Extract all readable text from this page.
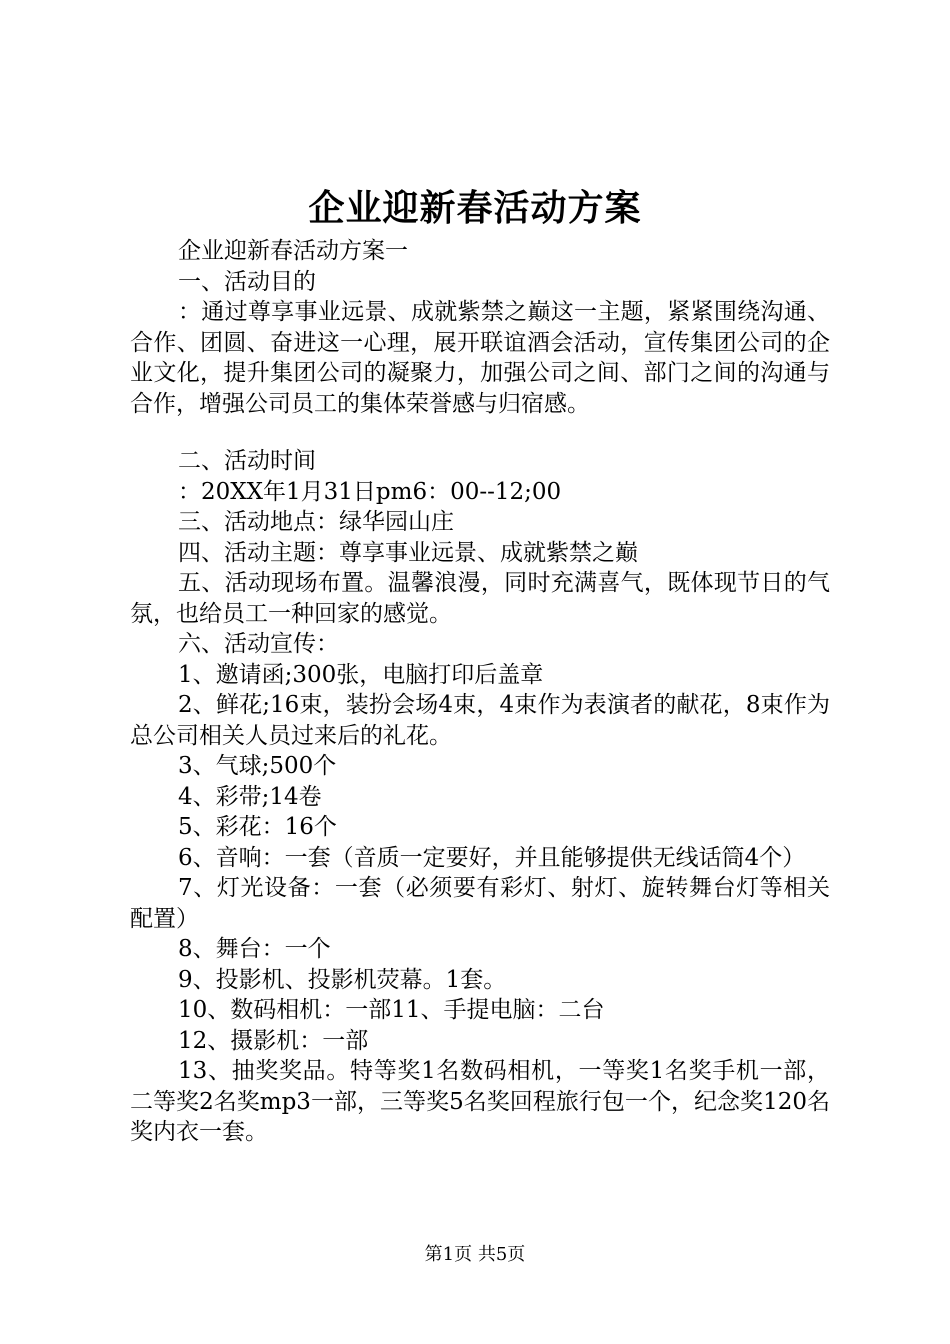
企业迎新春活动方案

企业迎新春活动方案一

一、活动目的

：通过尊享事业远景、成就紫禁之巅这一主题，紧紧围绕沟通、合作、团圆、奋进这一心理，展开联谊酒会活动，宣传集团公司的企业文化，提升集团公司的凝聚力，加强公司之间、部门之间的沟通与合作，增强公司员工的集体荣誉感与归宿感。

二、活动时间

：20XX年1月31日pm6：00--12;00

三、活动地点：绿华园山庄

四、活动主题：尊享事业远景、成就紫禁之巅

五、活动现场布置。温馨浪漫，同时充满喜气，既体现节日的气氛，也给员工一种回家的感觉。

六、活动宣传：

1、邀请函;300张，电脑打印后盖章

2、鲜花;16束，装扮会场4束，4束作为表演者的献花，8束作为总公司相关人员过来后的礼花。

3、气球;500个

4、彩带;14卷

5、彩花：16个

6、音响：一套（音质一定要好，并且能够提供无线话筒4个）

7、灯光设备：一套（必须要有彩灯、射灯、旋转舞台灯等相关配置）

8、舞台：一个

9、投影机、投影机荧幕。1套。

10、数码相机：一部11、手提电脑：二台

12、摄影机：一部

13、抽奖奖品。特等奖1名数码相机，一等奖1名奖手机一部，二等奖2名奖mp3一部，三等奖5名奖回程旅行包一个，纪念奖120名奖内衣一套。

第1页 共5页
